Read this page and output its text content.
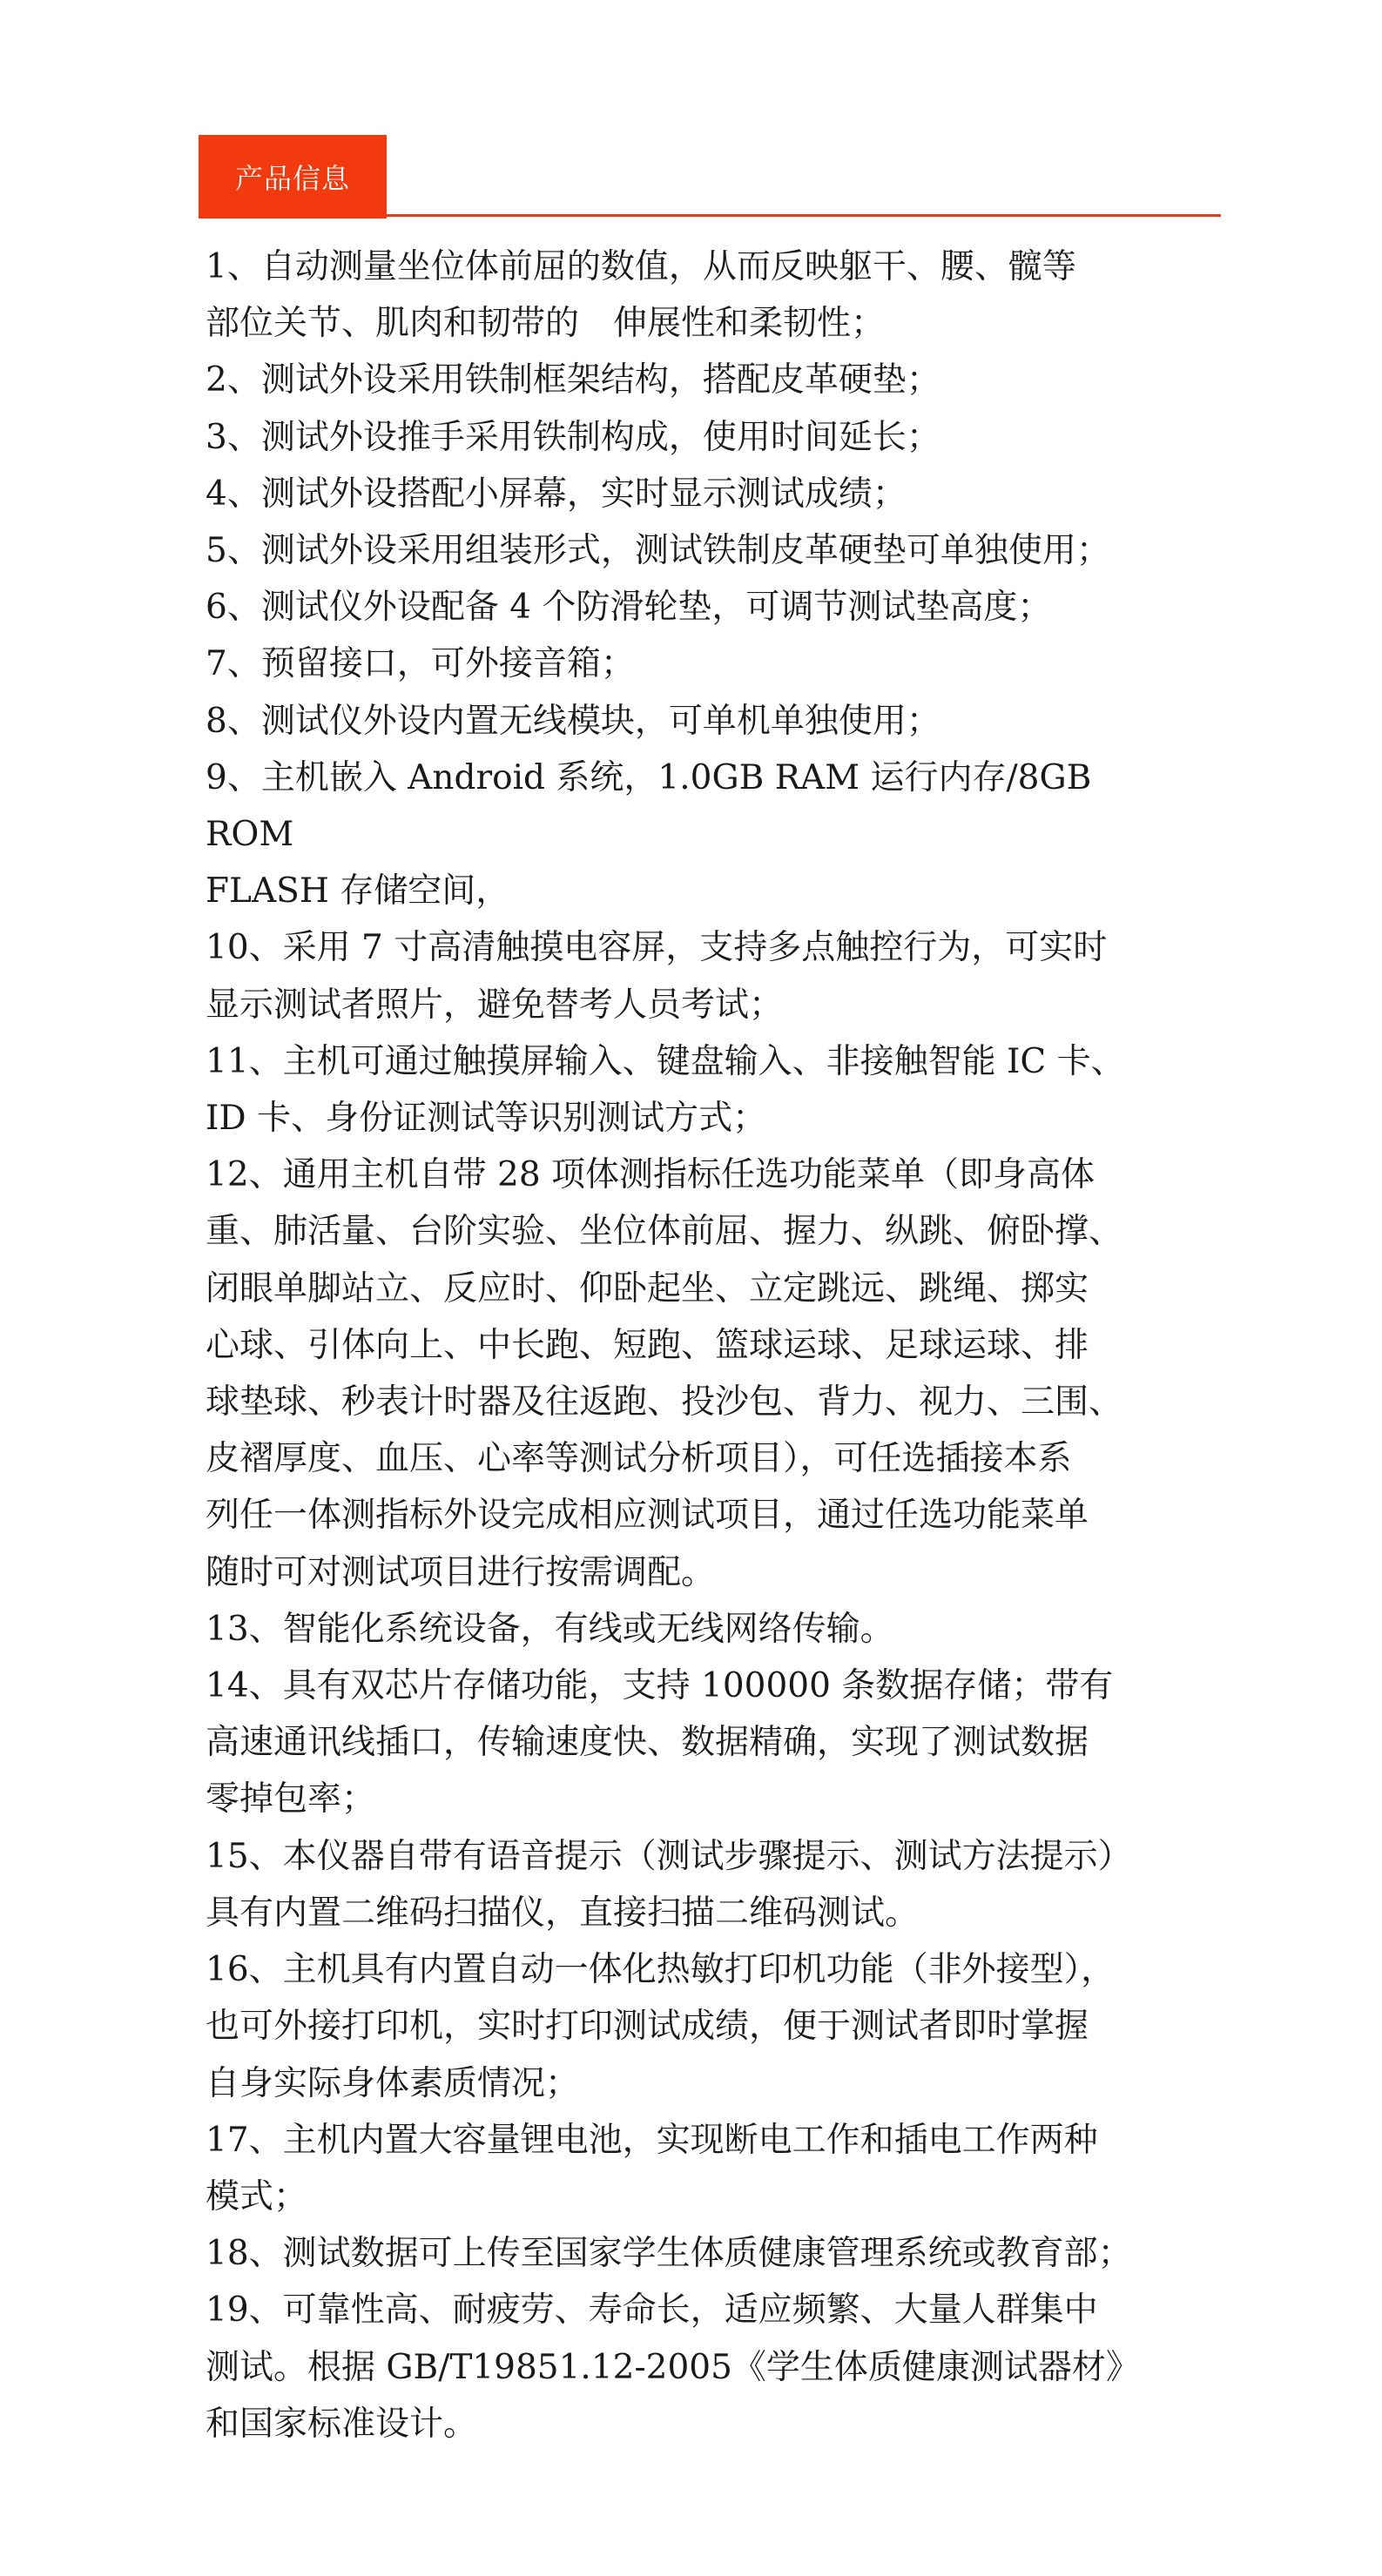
产品信息
1、自动测量坐位体前屈的数值，从而反映躯干、腰、髋等
部位关节、肌肉和韧带的　伸展性和柔韧性；
2、测试外设采用铁制框架结构，搭配皮革硬垫；
3、测试外设推手采用铁制构成，使用时间延长；
4、测试外设搭配小屏幕，实时显示测试成绩；
5、测试外设采用组装形式，测试铁制皮革硬垫可单独使用；
6、测试仪外设配备 4 个防滑轮垫，可调节测试垫高度；
7、预留接口，可外接音箱；
8、测试仪外设内置无线模块，可单机单独使用；
9、主机嵌入 Android 系统，1.0GB RAM 运行内存/8GB ROM
FLASH 存储空间，
10、采用 7 寸高清触摸电容屏，支持多点触控行为，可实时
显示测试者照片，避免替考人员考试；
11、主机可通过触摸屏输入、键盘输入、非接触智能 IC 卡、
ID 卡、身份证测试等识别测试方式；
12、通用主机自带 28 项体测指标任选功能菜单（即身高体
重、肺活量、台阶实验、坐位体前屈、握力、纵跳、俯卧撑、
闭眼单脚站立、反应时、仰卧起坐、立定跳远、跳绳、掷实
心球、引体向上、中长跑、短跑、篮球运球、足球运球、排
球垫球、秒表计时器及往返跑、投沙包、背力、视力、三围、
皮褶厚度、血压、心率等测试分析项目），可任选插接本系
列任一体测指标外设完成相应测试项目，通过任选功能菜单
随时可对测试项目进行按需调配。
13、智能化系统设备，有线或无线网络传输。
14、具有双芯片存储功能，支持 100000 条数据存储；带有
高速通讯线插口，传输速度快、数据精确，实现了测试数据
零掉包率；
15、本仪器自带有语音提示（测试步骤提示、测试方法提示）
具有内置二维码扫描仪，直接扫描二维码测试。
16、主机具有内置自动一体化热敏打印机功能（非外接型），
也可外接打印机，实时打印测试成绩，便于测试者即时掌握
自身实际身体素质情况；
17、主机内置大容量锂电池，实现断电工作和插电工作两种
模式；
18、测试数据可上传至国家学生体质健康管理系统或教育部；
19、可靠性高、耐疲劳、寿命长，适应频繁、大量人群集中
测试。根据 GB/T19851.12-2005《学生体质健康测试器材》
和国家标准设计。
